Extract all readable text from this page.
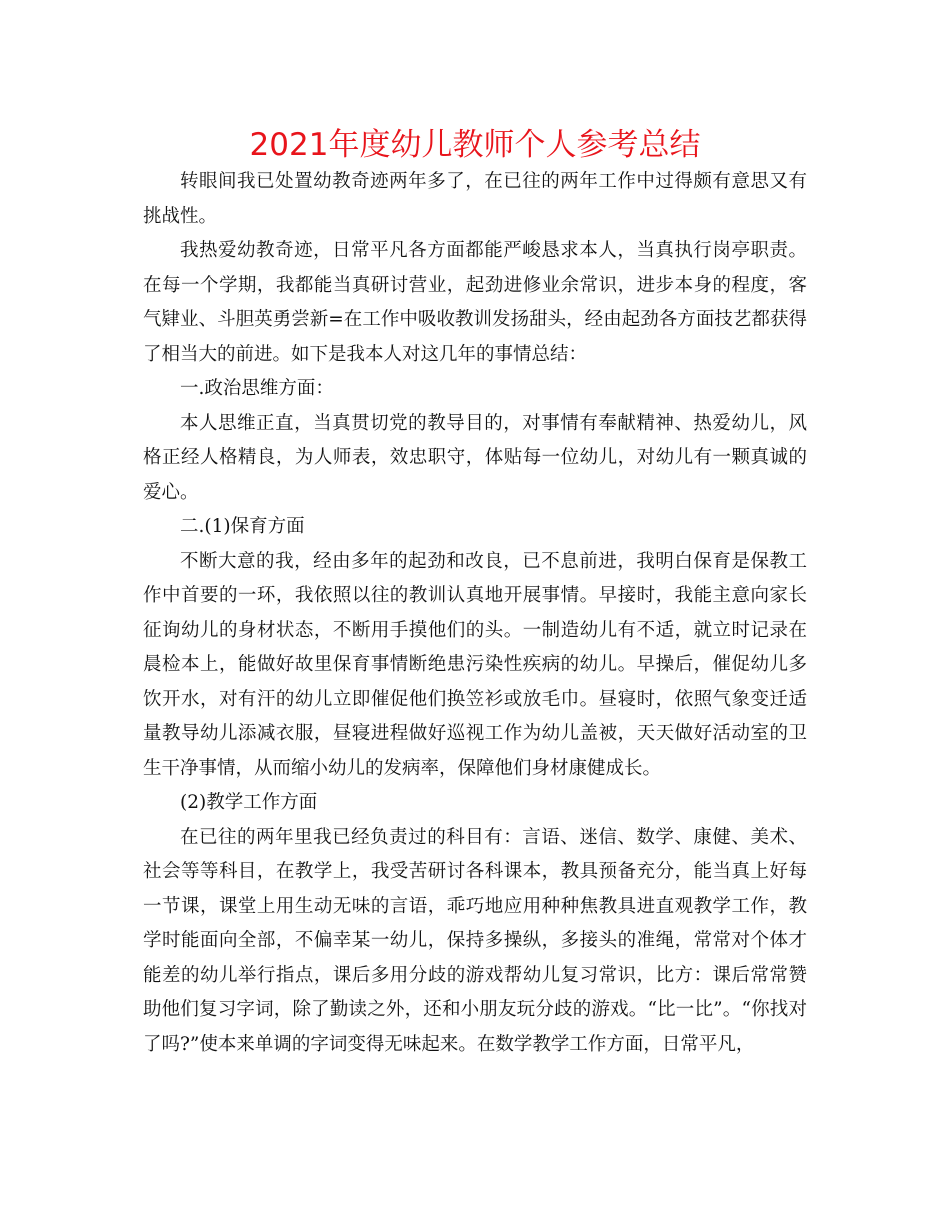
2021年度幼儿教师个人参考总结

转眼间我已处置幼教奇迹两年多了，在已往的两年工作中过得颇有意思又有挑战性。

我热爱幼教奇迹，日常平凡各方面都能严峻恳求本人，当真执行岗亭职责。在每一个学期，我都能当真研讨营业，起劲进修业余常识，进步本身的程度，客气肄业、斗胆英勇尝新=在工作中吸收教训发扬甜头，经由起劲各方面技艺都获得了相当大的前进。如下是我本人对这几年的事情总结：

一.政治思维方面：

本人思维正直，当真贯切党的教导目的，对事情有奉献精神、热爱幼儿，风格正经人格精良，为人师表，效忠职守，体贴每一位幼儿，对幼儿有一颗真诚的爱心。

二.(1)保育方面

不断大意的我，经由多年的起劲和改良，已不息前进，我明白保育是保教工作中首要的一环，我依照以往的教训认真地开展事情。早接时，我能主意向家长征询幼儿的身材状态，不断用手摸他们的头。一制造幼儿有不适，就立时记录在晨检本上，能做好故里保育事情断绝患污染性疾病的幼儿。早操后，催促幼儿多饮开水，对有汗的幼儿立即催促他们换笠衫或放毛巾。昼寝时，依照气象变迁适量教导幼儿添减衣服，昼寝进程做好巡视工作为幼儿盖被，天天做好活动室的卫生干净事情，从而缩小幼儿的发病率，保障他们身材康健成长。

(2)教学工作方面

在已往的两年里我已经负责过的科目有：言语、迷信、数学、康健、美术、社会等等科目，在教学上，我受苦研讨各科课本，教具预备充分，能当真上好每一节课，课堂上用生动无味的言语，乖巧地应用种种焦教具进直观教学工作，教学时能面向全部，不偏幸某一幼儿，保持多操纵，多接头的准绳，常常对个体才能差的幼儿举行指点，课后多用分歧的游戏帮幼儿复习常识，比方：课后常常赞助他们复习字词，除了勤读之外，还和小朋友玩分歧的游戏。“比一比”。“你找对了吗?”使本来单调的字词变得无味起来。在数学教学工作方面，日常平凡，
